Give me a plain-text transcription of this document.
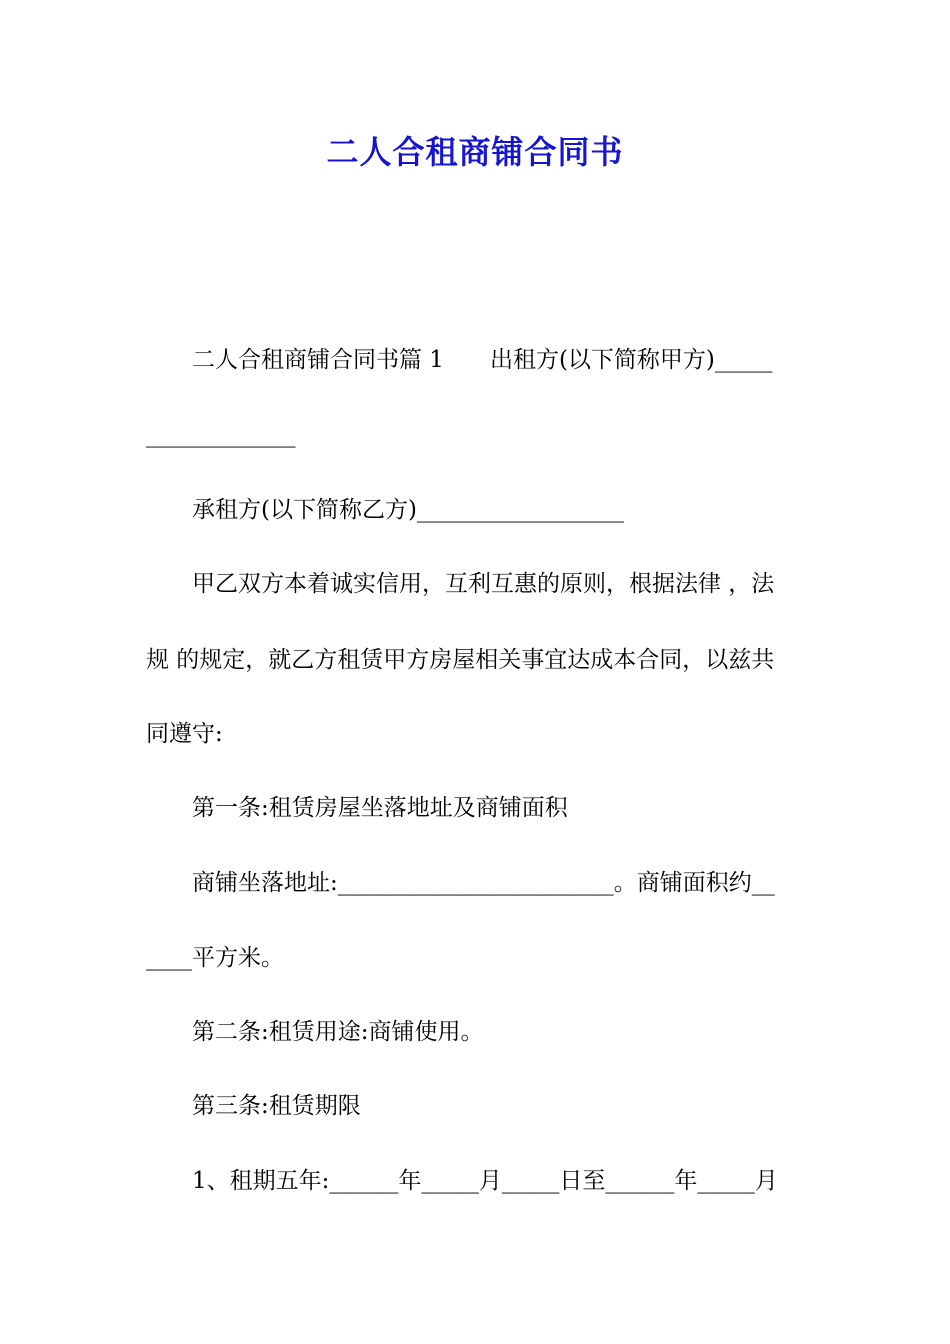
二人合租商铺合同书
二人合租商铺合同书篇 1　　出租方(以下简称甲方)_____
_____________
承租方(以下简称乙方)__________________
甲乙双方本着诚实信用，互利互惠的原则，根据法律 ，法
规 的规定，就乙方租赁甲方房屋相关事宜达成本合同，以兹共
同遵守:
第一条:租赁房屋坐落地址及商铺面积
商铺坐落地址:________________________。商铺面积约__
____平方米。
第二条:租赁用途:商铺使用。
第三条:租赁期限
1、租期五年:______年_____月_____日至______年_____月
